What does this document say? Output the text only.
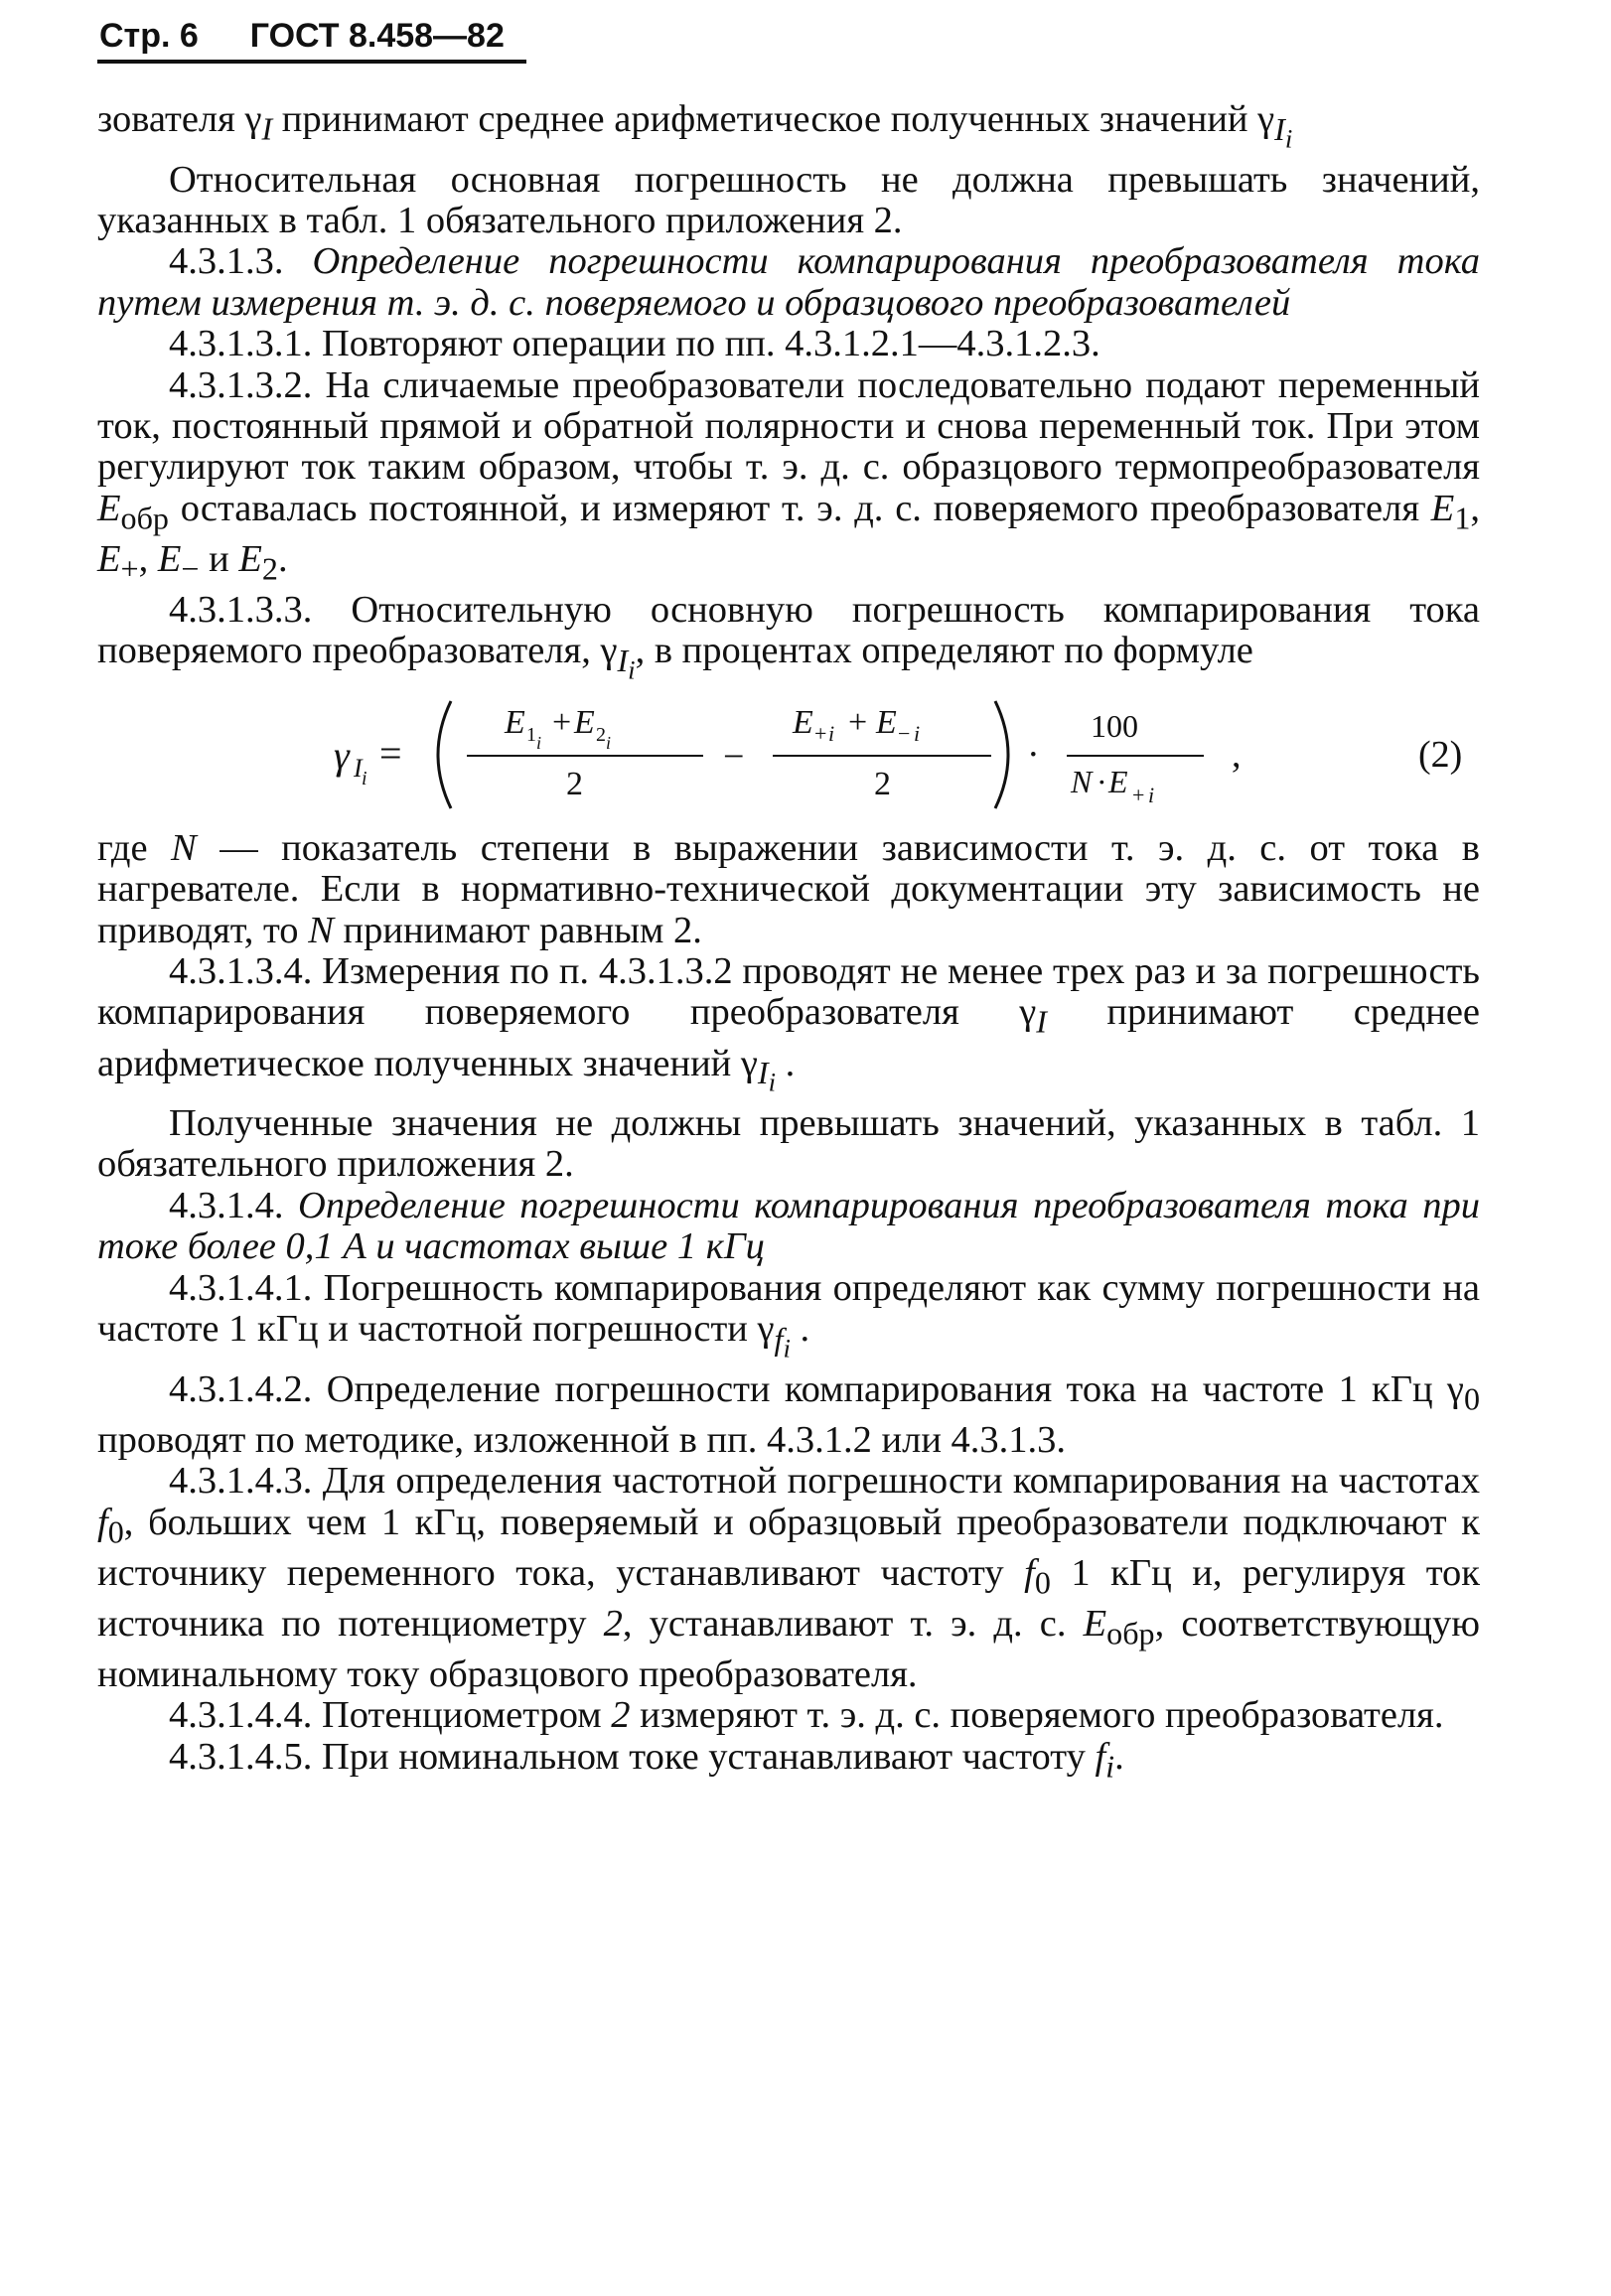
Стр. 6 ГОСТ 8.458—82

зователя $\gamma_I$ принимают среднее арифметическое полученных значений $\gamma_{I_i}$

Относительная основная погрешность не должна превышать значений, указанных в табл. 1 обязательного приложения 2.

4.3.1.3. Определение погрешности компарирования преобразователя тока путем измерения т. э. д. с. поверяемого и образцового преобразователей

4.3.1.3.1. Повторяют операции по пп. 4.3.1.2.1—4.3.1.2.3.

4.3.1.3.2. На сличаемые преобразователи последовательно подают переменный ток, постоянный прямой и обратной полярности и снова переменный ток. При этом регулируют ток таким образом, чтобы т. э. д. с. образцового термопреобразователя $E_{обр}$ оставалась постоянной, и измеряют т. э. д. с. поверяемого преобразователя $E_1$, $E_+$, $E_-$ и $E_2$.

4.3.1.3.3. Относительную основную погрешность компарирования тока поверяемого преобразователя, $\gamma_{I_i}$, в процентах определяют по формуле

γ I i
=
E 1 i
+ E 2 i
2
−
E + i + E − i
2
·
100
N · E + i
,	(2)

где N — показатель степени в выражении зависимости т. э. д. с. от тока в нагревателе. Если в нормативно-технической документации эту зависимость не приводят, то N принимают равным 2.

4.3.1.3.4. Измерения по п. 4.3.1.3.2 проводят не менее трех раз и за погрешность компарирования поверяемого преобразователя $\gamma_I$ принимают среднее арифметическое полученных значений $\gamma_{I_i}$ .

Полученные значения не должны превышать значений, указанных в табл. 1 обязательного приложения 2.

4.3.1.4. Определение погрешности компарирования преобразователя тока при токе более 0,1 А и частотах выше 1 кГц

4.3.1.4.1. Погрешность компарирования определяют как сумму погрешности на частоте 1 кГц и частотной погрешности $\gamma_{f_i}$ .

4.3.1.4.2. Определение погрешности компарирования тока на частоте 1 кГц $\gamma_0$ проводят по методике, изложенной в пп. 4.3.1.2 или 4.3.1.3.

4.3.1.4.3. Для определения частотной погрешности компарирования на частотах $f_0$, больших чем 1 кГц, поверяемый и образцовый преобразователи подключают к источнику переменного тока, устанавливают частоту $f_0$ 1 кГц и, регулируя ток источника по потенциометру 2, устанавливают т. э. д. с. $E_{обр}$, соответствующую номинальному току образцового преобразователя.

4.3.1.4.4. Потенциометром 2 измеряют т. э. д. с. поверяемого преобразователя.

4.3.1.4.5. При номинальном токе устанавливают частоту $f_i$.
